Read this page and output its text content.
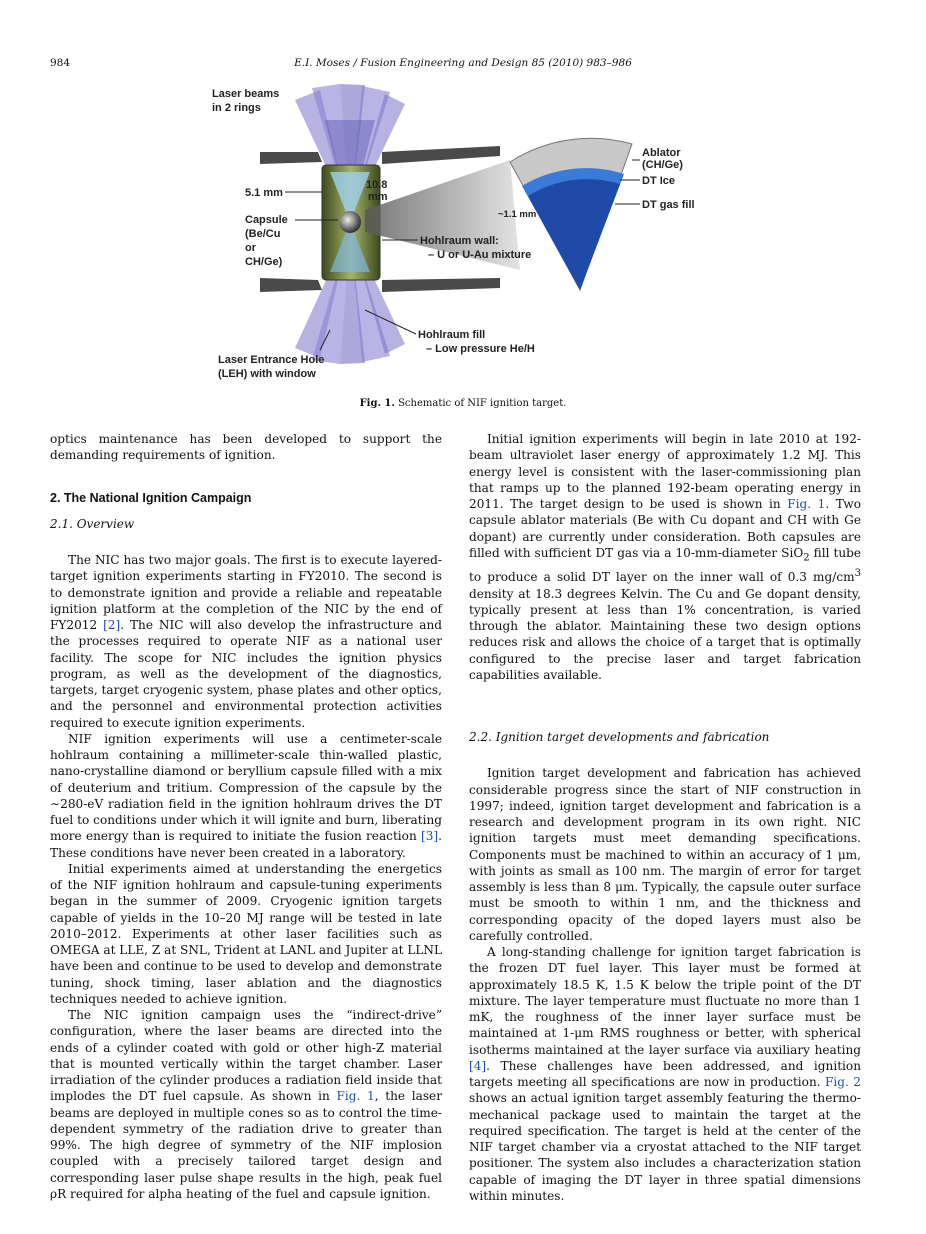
984	E.I. Moses / Fusion Engineering and Design 85 (2010) 983–986
Laser beams
in 2 rings
5.1 mm
10.8
mm
Capsule
(Be/Cu
or
CH/Ge)
Ablator
(CH/Ge)
DT Ice
DT gas fill
~1.1 mm
Hohlraum wall:
– U or U-Au mixture
Hohlraum fill
– Low pressure He/H
Laser Entrance Hole
(LEH) with window
Fig. 1. Schematic of NIF ignition target.

optics maintenance has been developed to support the demanding requirements of ignition.

2. The National Ignition Campaign
2.1. Overview

The NIC has two major goals. The first is to execute layered-target ignition experiments starting in FY2010. The second is to demonstrate ignition and provide a reliable and repeatable ignition platform at the completion of the NIC by the end of FY2012 [2]. The NIC will also develop the infrastructure and the processes required to operate NIF as a national user facility. The scope for NIC includes the ignition physics program, as well as the development of the diagnostics, targets, target cryogenic system, phase plates and other optics, and the personnel and environmental protection activities required to execute ignition experiments.

NIF ignition experiments will use a centimeter-scale hohlraum containing a millimeter-scale thin-walled plastic, nano-crystalline diamond or beryllium capsule filled with a mix of deuterium and tritium. Compression of the capsule by the ∼280-eV radiation field in the ignition hohlraum drives the DT fuel to conditions under which it will ignite and burn, liberating more energy than is required to initiate the fusion reaction [3]. These conditions have never been created in a laboratory.

Initial experiments aimed at understanding the energetics of the NIF ignition hohlraum and capsule-tuning experiments began in the summer of 2009. Cryogenic ignition targets capable of yields in the 10–20 MJ range will be tested in late 2010–2012. Experiments at other laser facilities such as OMEGA at LLE, Z at SNL, Trident at LANL and Jupiter at LLNL have been and continue to be used to develop and demonstrate tuning, shock timing, laser ablation and the diagnostics techniques needed to achieve ignition.

The NIC ignition campaign uses the “indirect-drive” configuration, where the laser beams are directed into the ends of a cylinder coated with gold or other high-Z material that is mounted vertically within the target chamber. Laser irradiation of the cylinder produces a radiation field inside that implodes the DT fuel capsule. As shown in Fig. 1, the laser beams are deployed in multiple cones so as to control the time-dependent symmetry of the radiation drive to greater than 99%. The high degree of symmetry of the NIF implosion coupled with a precisely tailored target design and corresponding laser pulse shape results in the high, peak fuel ρR required for alpha heating of the fuel and capsule ignition.

Initial ignition experiments will begin in late 2010 at 192-beam ultraviolet laser energy of approximately 1.2 MJ. This energy level is consistent with the laser-commissioning plan that ramps up to the planned 192-beam operating energy in 2011. The target design to be used is shown in Fig. 1. Two capsule ablator materials (Be with Cu dopant and CH with Ge dopant) are currently under consideration. Both capsules are filled with sufficient DT gas via a 10-mm-diameter SiO$_2$ fill tube to produce a solid DT layer on the inner wall of 0.3 $mg/cm^3$ density at 18.3 degrees Kelvin. The Cu and Ge dopant density, typically present at less than 1% concentration, is varied through the ablator. Maintaining these two design options reduces risk and allows the choice of a target that is optimally configured to the precise laser and target fabrication capabilities available.

2.2. Ignition target developments and fabrication

Ignition target development and fabrication has achieved considerable progress since the start of NIF construction in 1997; indeed, ignition target development and fabrication is a research and development program in its own right. NIC ignition targets must meet demanding specifications. Components must be machined to within an accuracy of 1 μm, with joints as small as 100 nm. The margin of error for target assembly is less than 8 μm. Typically, the capsule outer surface must be smooth to within 1 nm, and the thickness and corresponding opacity of the doped layers must also be carefully controlled.

A long-standing challenge for ignition target fabrication is the frozen DT fuel layer. This layer must be formed at approximately 18.5 K, 1.5 K below the triple point of the DT mixture. The layer temperature must fluctuate no more than 1 mK, the roughness of the inner layer surface must be maintained at 1-μm RMS roughness or better, with spherical isotherms maintained at the layer surface via auxiliary heating [4]. These challenges have been addressed, and ignition targets meeting all specifications are now in production. Fig. 2 shows an actual ignition target assembly featuring the thermo-mechanical package used to maintain the target at the required specification. The target is held at the center of the NIF target chamber via a cryostat attached to the NIF target positioner. The system also includes a characterization station capable of imaging the DT layer in three spatial dimensions within minutes.
